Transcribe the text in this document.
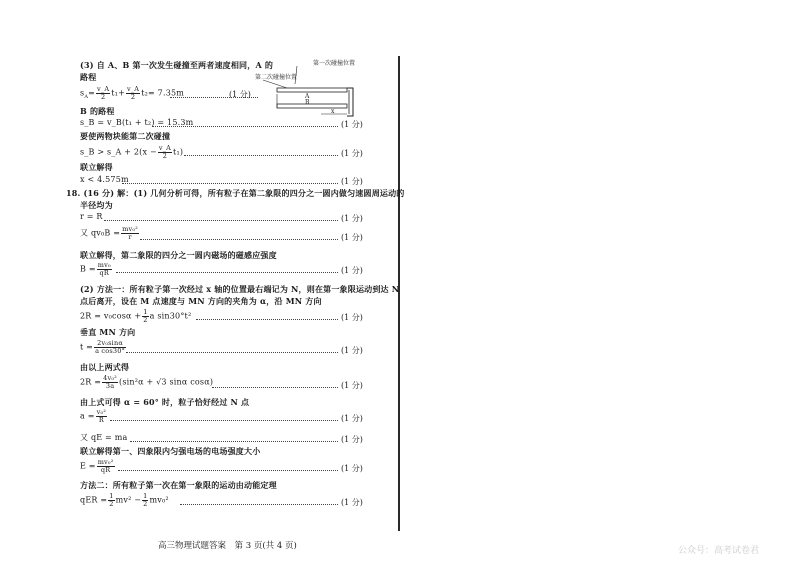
第一次碰撞位置
第二次碰撞位置
A
B
x
(3) 自 A、B 第一次发生碰撞至两者速度相同，A 的
路程
$s_A= \frac{v\_A}{2} t_1+ \frac{v\_A}{2} t_2= 7.35m$	(1 分)
B 的路程
s_B = v_B(t₁ + t₂) = 15.3m	(1 分)
要使两物块能第二次碰撞
s_B > s_A + $2(x - \frac{v\_A}{2} t_1)$	(1 分)
联立解得
x < 4.575m	(1 分)
18. (16 分) 解：(1) 几何分析可得，所有粒子在第二象限的四分之一圆内做匀速圆周运动的
半径均为
r = R	(1 分)
又 $qv_0B = \frac{\text{mv₀²}}{r}$	(1 分)
联立解得，第二象限的四分之一圆内磁场的磁感应强度
$B = \frac{\text{mv₀}}{qR}$	(1 分)
(2) 方法一：所有粒子第一次经过 x 轴的位置最右端记为 N，则在第一象限运动到达 N
点后离开，设在 M 点速度与 MN 方向的夹角为 α，沿 MN 方向
$2R = v_0\cos\alpha + \frac{1}{2}$ a sin30°t²	(1 分)
垂直 MN 方向
$t = \frac{\text{2v₀sinα}}{\text{a cos30°}}$	(1 分)
由以上两式得
$2R = \frac{\text{4v₀²}}{3a} (\sin^2\alpha + √3$ sinα cosα)	(1 分)
由上式可得 α = 60° 时，粒子恰好经过 N 点
$a = \frac{\text{v₀²}}{R}$	(1 分)
又 qE = ma	(1 分)
联立解得第一、四象限内匀强电场的电场强度大小
$E = \frac{\text{mv₀²}}{qR}$	(1 分)
方法二：所有粒子第一次在第一象限的运动由动能定理
qER = $\frac{1}{2} mv^2 - \frac{1}{2} mv_0^2$	(1 分)
高三物理试题答案　第 3 页(共 4 页)	公众号：高考试卷君
